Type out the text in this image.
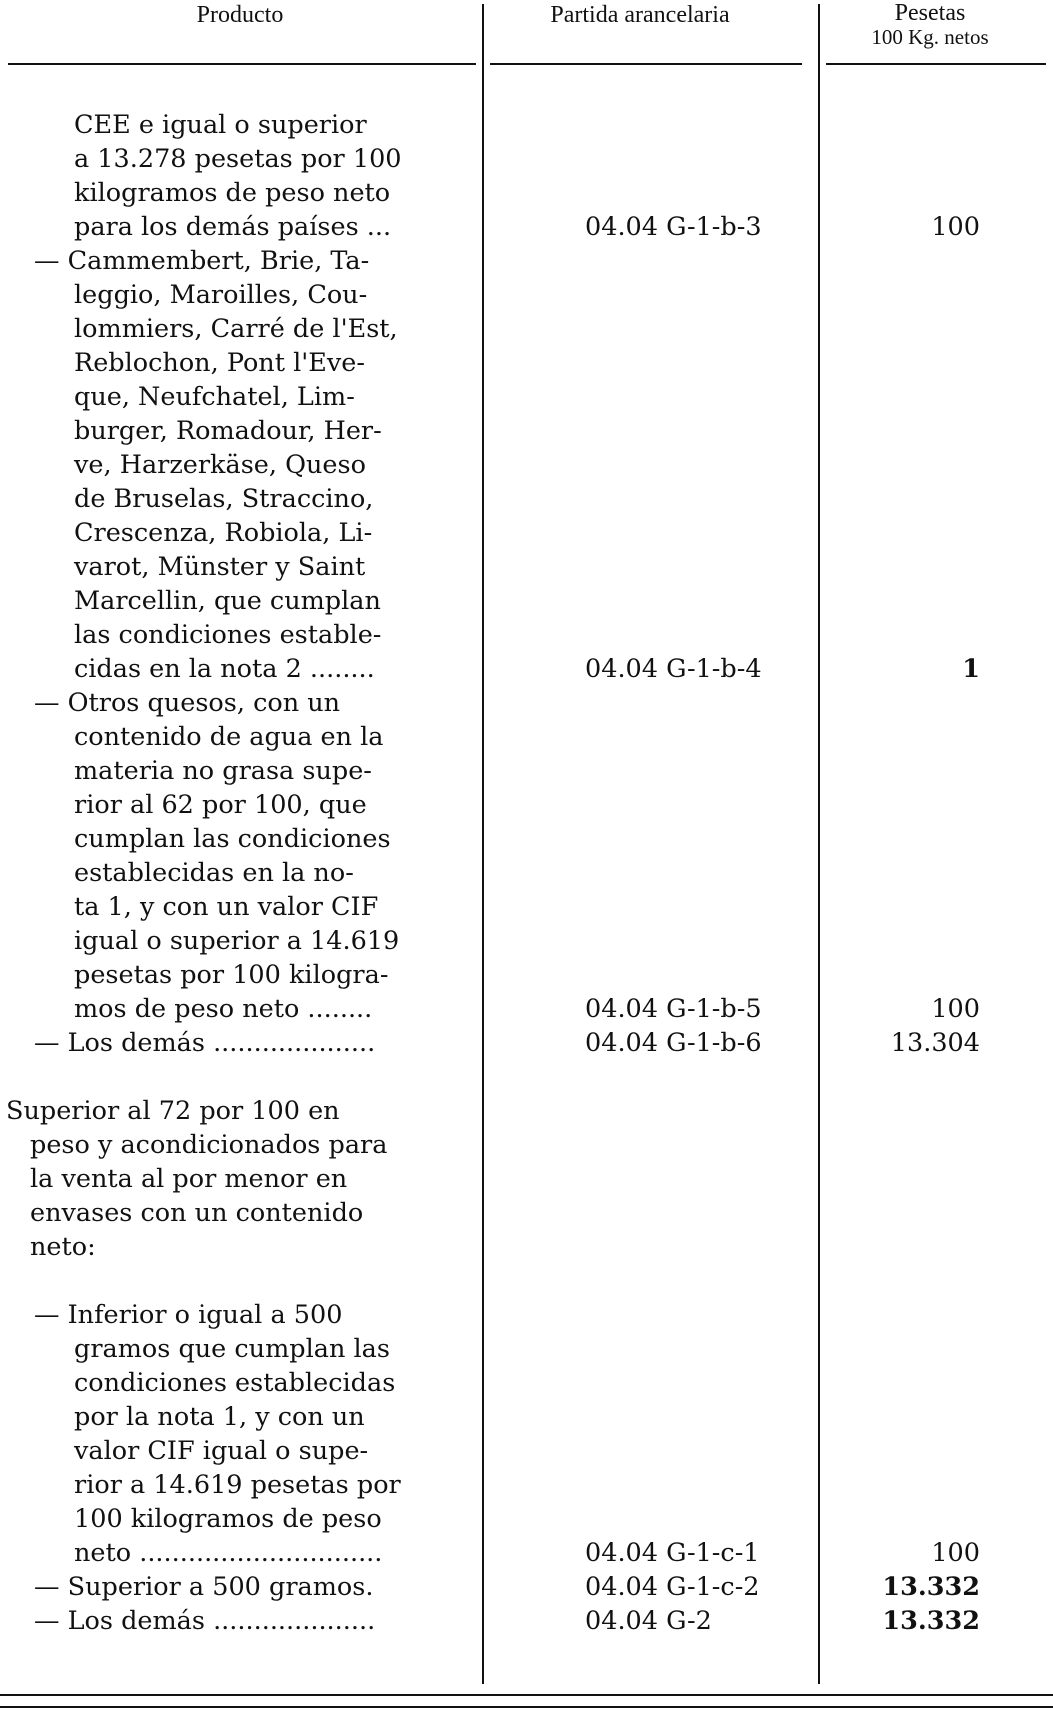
Producto	Partida arancelaria	Pesetas
100 Kg. netos
CEE e igual o superior
a 13.278 pesetas por 100
kilogramos de peso neto
para los demás países ...	04.04 G-1-b-3	100
— Cammembert, Brie, Ta-
leggio, Maroilles, Cou-
lommiers, Carré de l'Est,
Reblochon, Pont l'Eve-
que, Neufchatel, Lim-
burger, Romadour, Her-
ve, Harzerkäse, Queso
de Bruselas, Straccino,
Crescenza, Robiola, Li-
varot, Münster y Saint
Marcellin, que cumplan
las condiciones estable-
cidas en la nota 2 ........	04.04 G-1-b-4	1
— Otros quesos, con un
contenido de agua en la
materia no grasa supe-
rior al 62 por 100, que
cumplan las condiciones
establecidas en la no-
ta 1, y con un valor CIF
igual o superior a 14.619
pesetas por 100 kilogra-
mos de peso neto ........	04.04 G-1-b-5	100
— Los demás ....................	04.04 G-1-b-6	13.304
Superior al 72 por 100 en
peso y acondicionados para
la venta al por menor en
envases con un contenido
neto:
— Inferior o igual a 500
gramos que cumplan las
condiciones establecidas
por la nota 1, y con un
valor CIF igual o supe-
rior a 14.619 pesetas por
100 kilogramos de peso
neto ..............................	04.04 G-1-c-1	100
— Superior a 500 gramos.	04.04 G-1-c-2	13.332
— Los demás ....................	04.04 G-2	13.332
